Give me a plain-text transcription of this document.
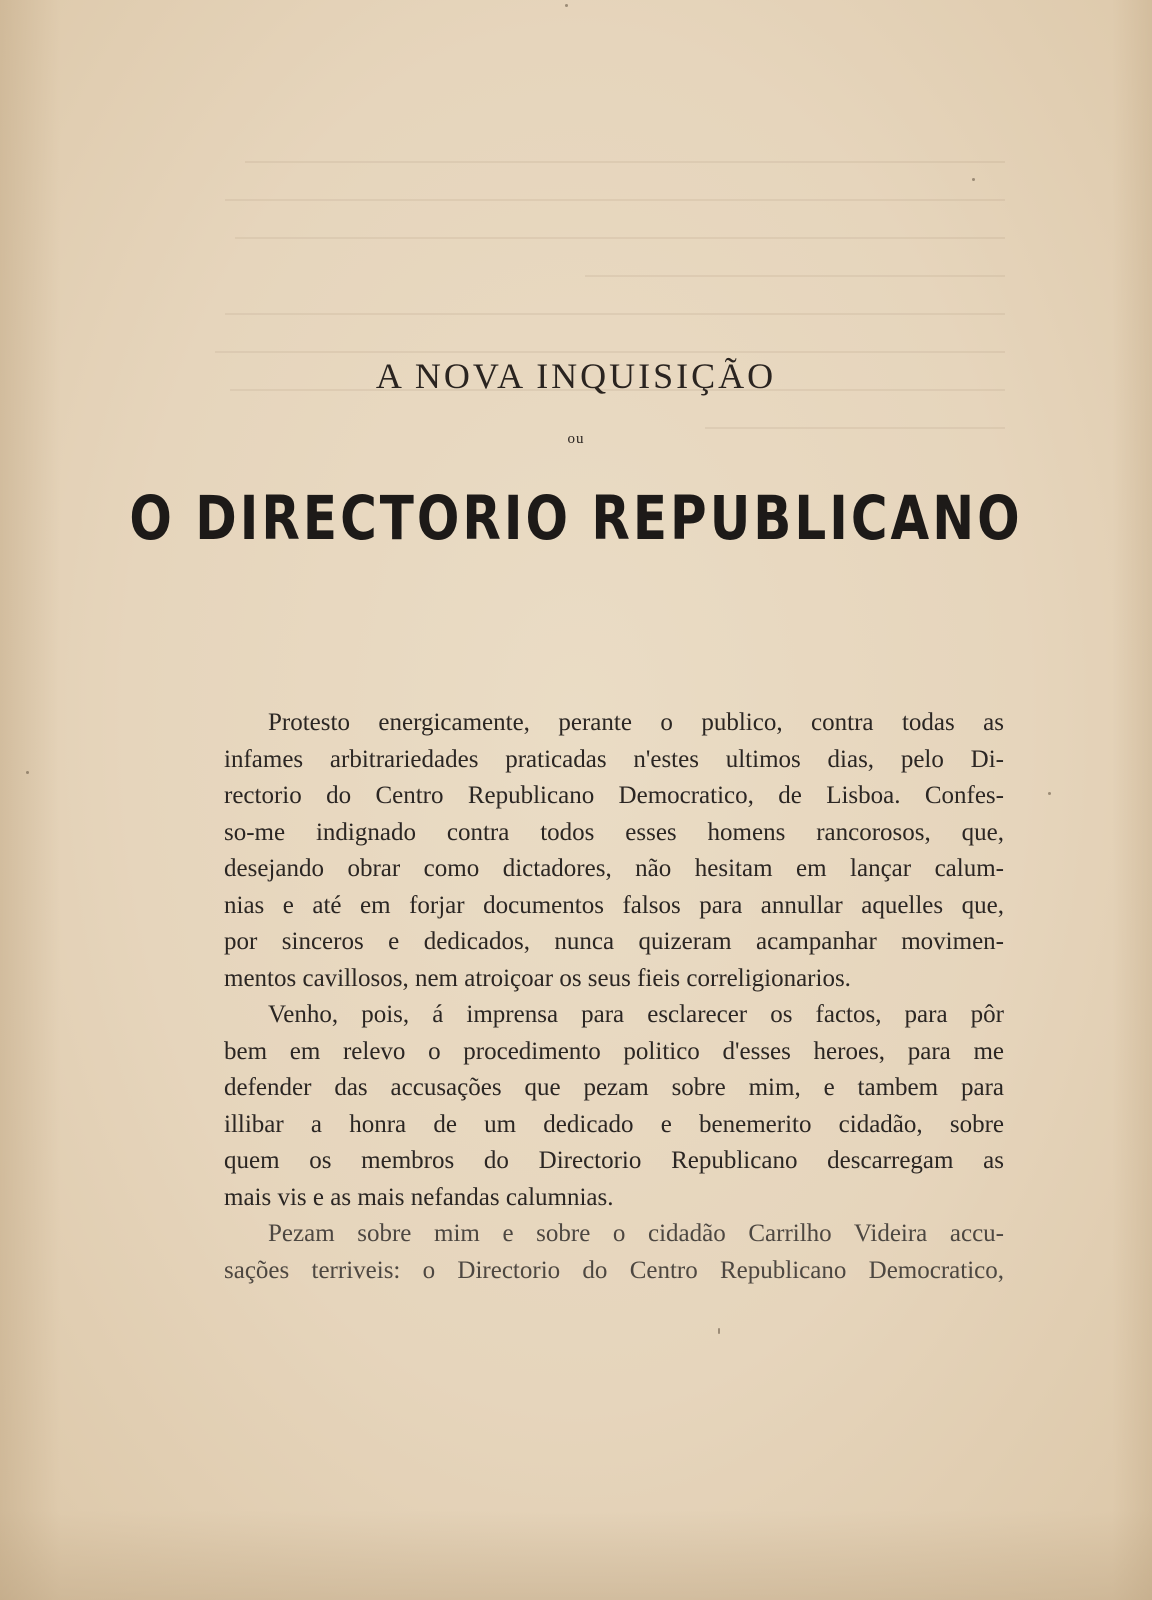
A NOVA INQUISIÇÃO
ou
O DIRECTORIO REPUBLICANO
Protesto energicamente, perante o publico, contra todas as
infames arbitrariedades praticadas n'estes ultimos dias, pelo Di-
rectorio do Centro Republicano Democratico, de Lisboa. Confes-
so-me indignado contra todos esses homens rancorosos, que,
desejando obrar como dictadores, não hesitam em lançar calum-
nias e até em forjar documentos falsos para annullar aquelles que,
por sinceros e dedicados, nunca quizeram acampanhar movimen-
mentos cavillosos, nem atroiçoar os seus fieis correligionarios.
Venho, pois, á imprensa para esclarecer os factos, para pôr
bem em relevo o procedimento politico d'esses heroes, para me
defender das accusações que pezam sobre mim, e tambem para
illibar a honra de um dedicado e benemerito cidadão, sobre
quem os membros do Directorio Republicano descarregam as
mais vis e as mais nefandas calumnias.
Pezam sobre mim e sobre o cidadão Carrilho Videira accu-
sações terriveis: o Directorio do Centro Republicano Democratico,
